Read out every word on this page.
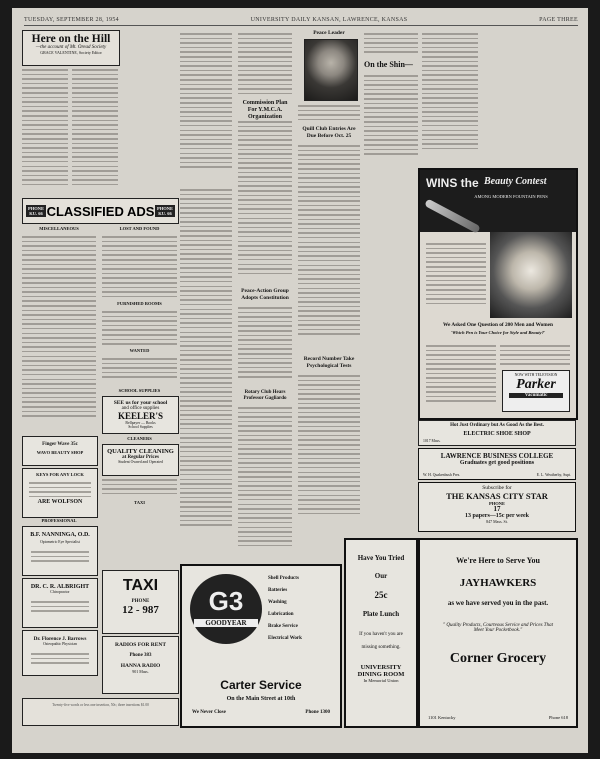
TUESDAY, SEPTEMBER 28, 1954	UNIVERSITY DAILY KANSAN, LAWRENCE, KANSAS	PAGE THREE
Here on the Hill
—the account of Mt. Oread Society
GRACE VALENTINE, Society Editor
PHONE
KU. 66 CLASSIFIED ADS PHONE
KU. 66
MISCELLANEOUS	LOST AND FOUND
FURNISHED ROOMS
WANTED
SCHOOL SUPPLIES
SEE us for your school
and office supplies
KEELER'S
Bellpayer — Books
School Supplies
CLEANERS
QUALITY CLEANING
at Regular Prices
Student Owned and Operated
Finger Wave 35c
WAVO BEAUTY SHOP
KEYS FOR ANY LOCK
ARE WOLFSON
PROFESSIONAL
B.F. NANNINGA, O.D.
Optometric Eye Specialist
DR. C. R. ALBRIGHT
Chiropractor
Dr. Florence J. Barrows
Osteopathic Physician
TAXI
TAXI
PHONE
12 - 987
RADIOS FOR RENT
Phone 383
HANNA RADIO
901 Mass.
Twenty-five words or less one insertion, 50c; three insertions $1.00
Commission Plan For Y.M.C.A. Organization
Peace-Action Group Adopts Constitution
Rotary Club Hears Professor Gagliardo
G3
GOODYEAR
Shell Products
Batteries
Washing
Lubrication
Brake Service
Electrical Work
Carter Service
On the Main Street at 10th
We Never Close	Phone 1300
Peace Leader
Quill Club Entries Are Due Before Oct. 25
Record Number Take Psychological Tests
Have You Tried
Our
25c
Plate Lunch
If you haven't you are
missing something.
UNIVERSITY
DINING ROOM
In Memorial Union
On the Shin—
WINS the Beauty Contest
AMONG MODERN FOUNTAIN PENS
We Asked One Question of 200 Men and Women
'Which Pen is Your Choice for Style and Beauty?'
NOW WITH TELEVISION
Parker
Vacumatic
Hot Just Ordinary but As Good As the Best.
ELECTRIC SHOE SHOP
1017 Mass.
LAWRENCE BUSINESS COLLEGE
Graduates get good positions
W. H. Quakenbush Pres.	E. L. Weatherby, Supt.
Subscribe for
THE KANSAS CITY STAR
PHONE
17
13 papers—15c per week
847 Mass. St.
We're Here to Serve You
JAYHAWKERS
as we have served you in the past.
" Quality Products, Courteous Service and Prices That Meet Your Pocketbook."
Corner Grocery
1101 Kentucky	Phone 618
